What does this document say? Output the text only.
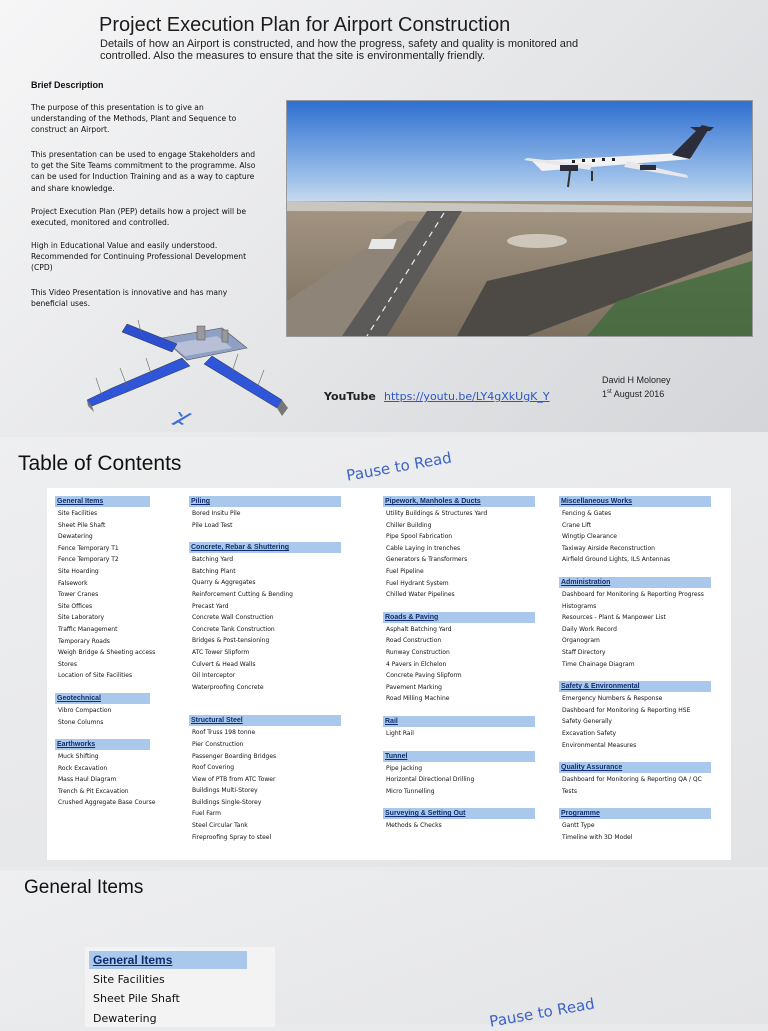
Project Execution Plan for Airport Construction
Details of how an Airport is constructed, and how the progress, safety and quality is monitored and controlled. Also the measures to ensure that the site is environmentally friendly.
Brief Description
The purpose of this presentation is to give an understanding of the Methods, Plant and Sequence to construct an Airport.
This presentation can be used to engage Stakeholders and to get the Site Teams commitment to the programme. Also can be used for Induction Training and as a way to capture and share knowledge.
Project Execution Plan (PEP) details how a project will be executed, monitored and controlled.
High in Educational Value and easily understood. Recommended for Continuing Professional Development (CPD)
This Video Presentation is innovative and has many beneficial uses.
YouTube https://youtu.be/LY4gXkUgK_Y
David H Moloney
1st August 2016
Table of Contents	Pause to Read
General Items
Site Facilities
Sheet Pile Shaft
Dewatering
Fence Temporary T1
Fence Temporary T2
Site Hoarding
Falsework
Tower Cranes
Site Offices
Site Laboratory
Traffic Management
Temporary Roads
Weigh Bridge & Sheeting access
Stores
Location of Site Facilities
Geotechnical
Vibro Compaction
Stone Columns
Earthworks
Muck Shifting
Rock Excavation
Mass Haul Diagram
Trench & Pit Excavation
Crushed Aggregate Base Course
Piling
Bored Insitu Pile
Pile Load Test
Concrete, Rebar & Shuttering
Batching Yard
Batching Plant
Quarry & Aggregates
Reinforcement Cutting & Bending
Precast Yard
Concrete Wall Construction
Concrete Tank Construction
Bridges & Post-tensioning
ATC Tower Slipform
Culvert & Head Walls
Oil Interceptor
Waterproofing Concrete
Structural Steel
Roof Truss 198 tonne
Pier Construction
Passenger Boarding Bridges
Roof Covering
View of PTB from ATC Tower
Buildings Multi-Storey
Buildings Single-Storey
Fuel Farm
Steel Circular Tank
Fireproofing Spray to steel
Pipework, Manholes & Ducts
Utility Buildings & Structures Yard
Chiller Building
Pipe Spool Fabrication
Cable Laying in trenches
Generators & Transformers
Fuel Pipeline
Fuel Hydrant System
Chilled Water Pipelines
Roads & Paving
Asphalt Batching Yard
Road Construction
Runway Construction
4 Pavers in Elchelon
Concrete Paving Slipform
Pavement Marking
Road Milling Machine
Rail
Light Rail
Tunnel
Pipe Jacking
Horizontal Directional Drilling
Micro Tunnelling
Surveying & Setting Out
Methods & Checks
Miscellaneous Works
Fencing & Gates
Crane Lift
Wingtip Clearance
Taxiway Airside Reconstruction
Airfield Ground Lights, ILS Antennas
Administration
Dashboard for Monitoring & Reporting Progress
Histograms
Resources - Plant & Manpower List
Daily Work Record
Organogram
Staff Directory
Time Chainage Diagram
Safety & Environmental
Emergency Numbers & Response
Dashboard for Monitoring & Reporting HSE
Safety Generally
Excavation Safety
Environmental Measures
Quality Assurance
Dashboard for Monitoring & Reporting QA / QC
Tests
Programme
Gantt Type
Timeline with 3D Model
General Items
General Items
Site Facilities
Sheet Pile Shaft
Dewatering	Pause to Read
